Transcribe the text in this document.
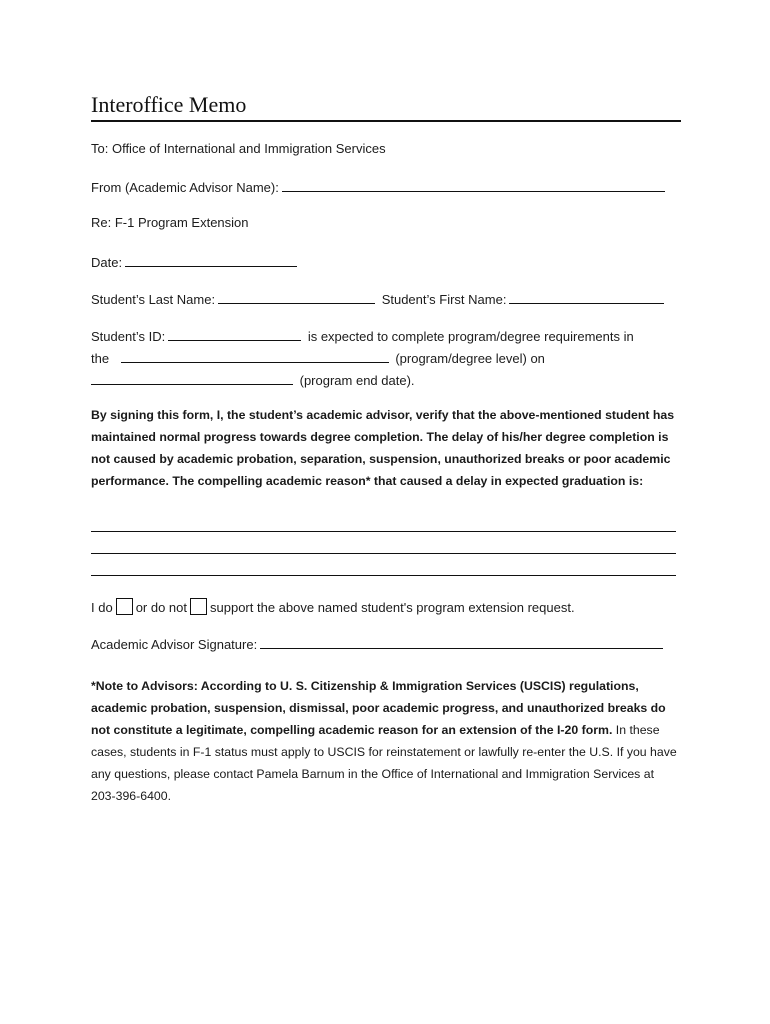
Interoffice Memo
To: Office of International and Immigration Services
From (Academic Advisor Name):
Re: F-1 Program Extension
Date:
Student’s Last Name:	Student’s First Name:
Student’s ID:	is expected to complete program/degree requirements in
the	(program/degree level) on
(program end date).
By signing this form, I, the student’s academic advisor, verify that the above-mentioned student has maintained normal progress towards degree completion. The delay of his/her degree completion is not caused by academic probation, separation, suspension, unauthorized breaks or poor academic performance. The compelling academic reason* that caused a delay in expected graduation is:
I do or do not support the above named student's program extension request.
Academic Advisor Signature:
*Note to Advisors: According to U. S. Citizenship & Immigration Services (USCIS) regulations, academic probation, suspension, dismissal, poor academic progress, and unauthorized breaks do not constitute a legitimate, compelling academic reason for an extension of the I-20 form. In these cases, students in F-1 status must apply to USCIS for reinstatement or lawfully re-enter the U.S. If you have any questions, please contact Pamela Barnum in the Office of International and Immigration Services at 203-396-6400.
